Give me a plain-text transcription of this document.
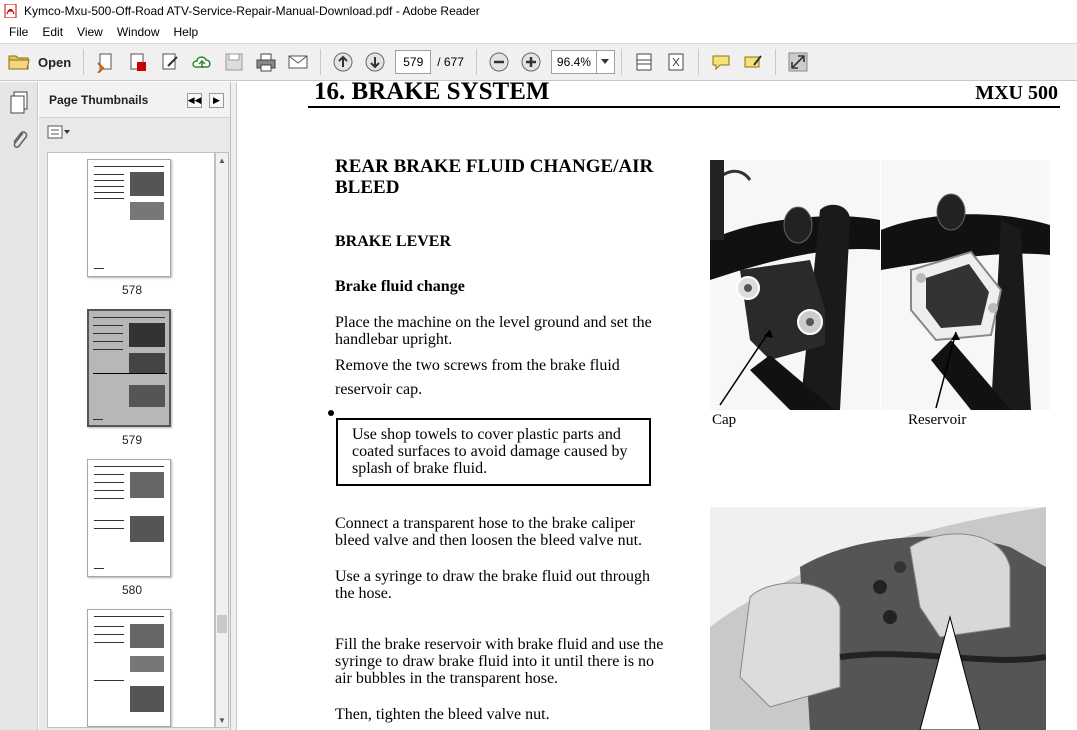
Kymco-Mxu-500-Off-Road ATV-Service-Repair-Manual-Download.pdf - Adobe Reader
File	Edit	View	Window	Help
Open
579	/ 677
96.4%
Page Thumbnails	◀◀ ▶
578
579
580
▲
▼
16. BRAKE SYSTEM	MXU 500
REAR BRAKE FLUID CHANGE/AIR BLEED
BRAKE LEVER
Brake fluid change
Place the machine on the level ground and set the handlebar upright.
Remove the two screws from the brake fluid reservoir cap.
Use shop towels to cover plastic parts and coated surfaces to avoid damage caused by splash of brake fluid.
Connect a transparent hose to the brake caliper bleed valve and then loosen the bleed valve nut.
Use a syringe to draw the brake fluid out through the hose.
Fill the brake reservoir with brake fluid and use the syringe to draw brake fluid into it until there is no air bubbles in the transparent hose.
Then, tighten the bleed valve nut.
Cap	Reservoir
